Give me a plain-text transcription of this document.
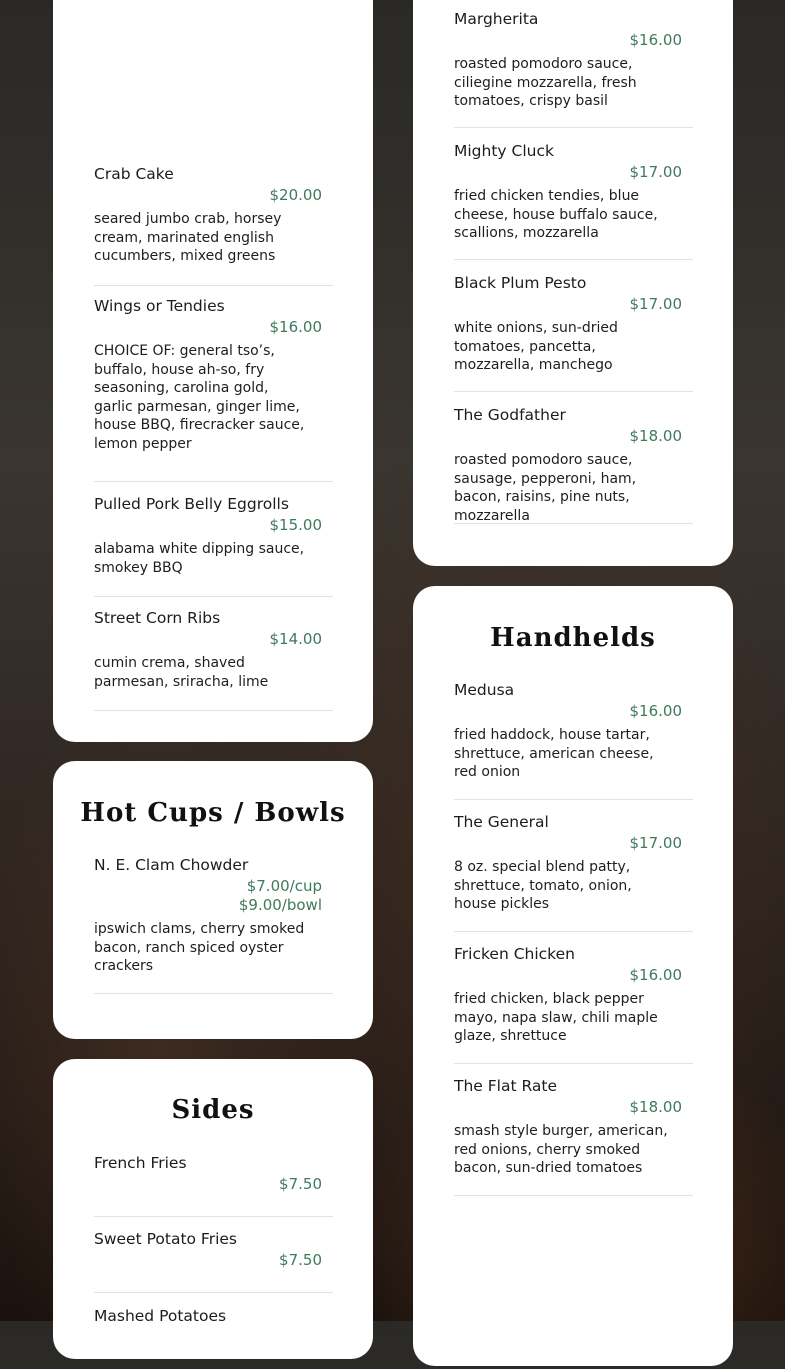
Crab Cake
$20.00
seared jumbo crab, horsey cream, marinated english cucumbers, mixed greens
Wings or Tendies
$16.00
CHOICE OF: general tso’s, buffalo, house ah-so, fry seasoning, carolina gold, garlic parmesan, ginger lime, house BBQ, firecracker sauce, lemon pepper
Pulled Pork Belly Eggrolls
$15.00
alabama white dipping sauce, smokey BBQ
Street Corn Ribs
$14.00
cumin crema, shaved parmesan, sriracha, lime
Hot Cups / Bowls
N. E. Clam Chowder
$7.00/cup
$9.00/bowl
ipswich clams, cherry smoked bacon, ranch spiced oyster crackers
Sides
French Fries
$7.50
Sweet Potato Fries
$7.50
Mashed Potatoes
Margherita
$16.00
roasted pomodoro sauce, ciliegine mozzarella, fresh tomatoes, crispy basil
Mighty Cluck
$17.00
fried chicken tendies, blue cheese, house buffalo sauce, scallions, mozzarella
Black Plum Pesto
$17.00
white onions, sun-dried tomatoes, pancetta, mozzarella, manchego
The Godfather
$18.00
roasted pomodoro sauce, sausage, pepperoni, ham, bacon, raisins, pine nuts, mozzarella
Handhelds
Medusa
$16.00
fried haddock, house tartar, shrettuce, american cheese, red onion
The General
$17.00
8 oz. special blend patty, shrettuce, tomato, onion, house pickles
Fricken Chicken
$16.00
fried chicken, black pepper mayo, napa slaw, chili maple glaze, shrettuce
The Flat Rate
$18.00
smash style burger, american, red onions, cherry smoked bacon, sun-dried tomatoes
